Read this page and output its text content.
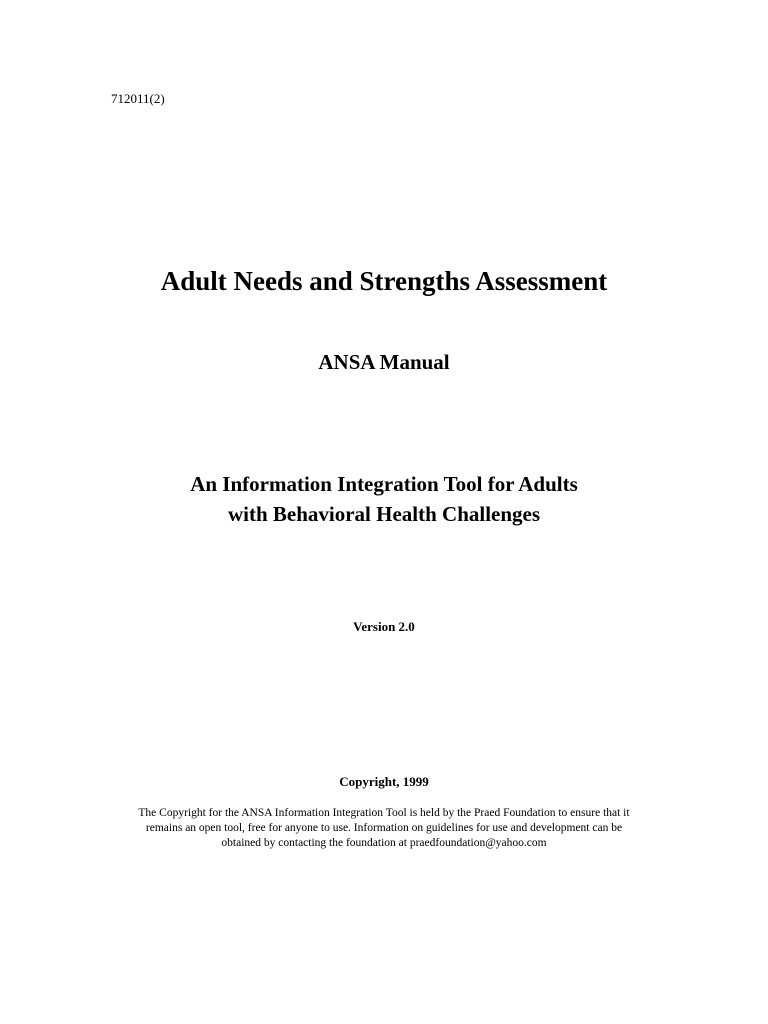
712011(2)
Adult Needs and Strengths Assessment
ANSA Manual
An Information Integration Tool for Adults
with Behavioral Health Challenges
Version 2.0
Copyright, 1999
The Copyright for the ANSA Information Integration Tool is held by the Praed Foundation to ensure that it
remains an open tool, free for anyone to use. Information on guidelines for use and development can be
obtained by contacting the foundation at praedfoundation@yahoo.com
